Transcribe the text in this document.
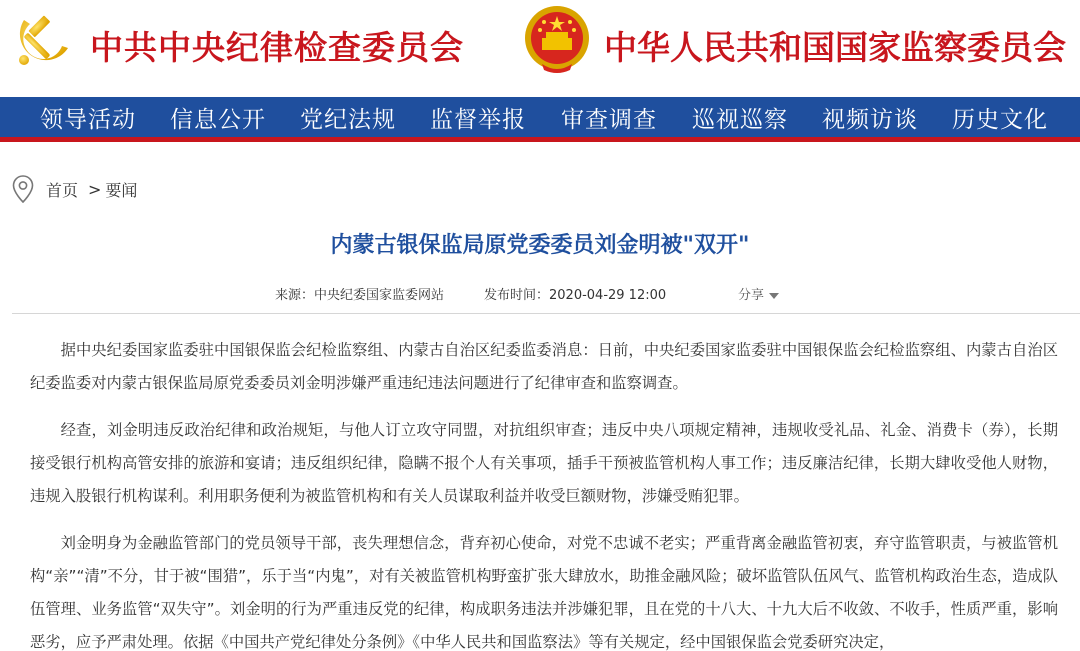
中共中央纪律检查委员会	中华人民共和国国家监察委员会
领导活动 信息公开 党纪法规 监督举报 审查调查 巡视巡察 视频访谈 历史文化
首页 > 要闻
内蒙古银保监局原党委委员刘金明被"双开"
来源：中央纪委国家监委网站	发布时间：2020-04-29 12:00	分享

据中央纪委国家监委驻中国银保监会纪检监察组、内蒙古自治区纪委监委消息：日前，中央纪委国家监委驻中国银保监会纪检监察组、内蒙古自治区纪委监委对内蒙古银保监局原党委委员刘金明涉嫌严重违纪违法问题进行了纪律审查和监察调查。

经查，刘金明违反政治纪律和政治规矩，与他人订立攻守同盟，对抗组织审查；违反中央八项规定精神，违规收受礼品、礼金、消费卡（券），长期接受银行机构高管安排的旅游和宴请；违反组织纪律，隐瞒不报个人有关事项，插手干预被监管机构人事工作；违反廉洁纪律，长期大肆收受他人财物，违规入股银行机构谋利。利用职务便利为被监管机构和有关人员谋取利益并收受巨额财物，涉嫌受贿犯罪。

刘金明身为金融监管部门的党员领导干部，丧失理想信念，背弃初心使命，对党不忠诚不老实；严重背离金融监管初衷，弃守监管职责，与被监管机构“亲”“清”不分，甘于被“围猎”，乐于当“内鬼”，对有关被监管机构野蛮扩张大肆放水，助推金融风险；破坏监管队伍风气、监管机构政治生态，造成队伍管理、业务监管“双失守”。刘金明的行为严重违反党的纪律，构成职务违法并涉嫌犯罪，且在党的十八大、十九大后不收敛、不收手，性质严重，影响恶劣，应予严肃处理。依据《中国共产党纪律处分条例》《中华人民共和国监察法》等有关规定，经中国银保监会党委研究决定，
